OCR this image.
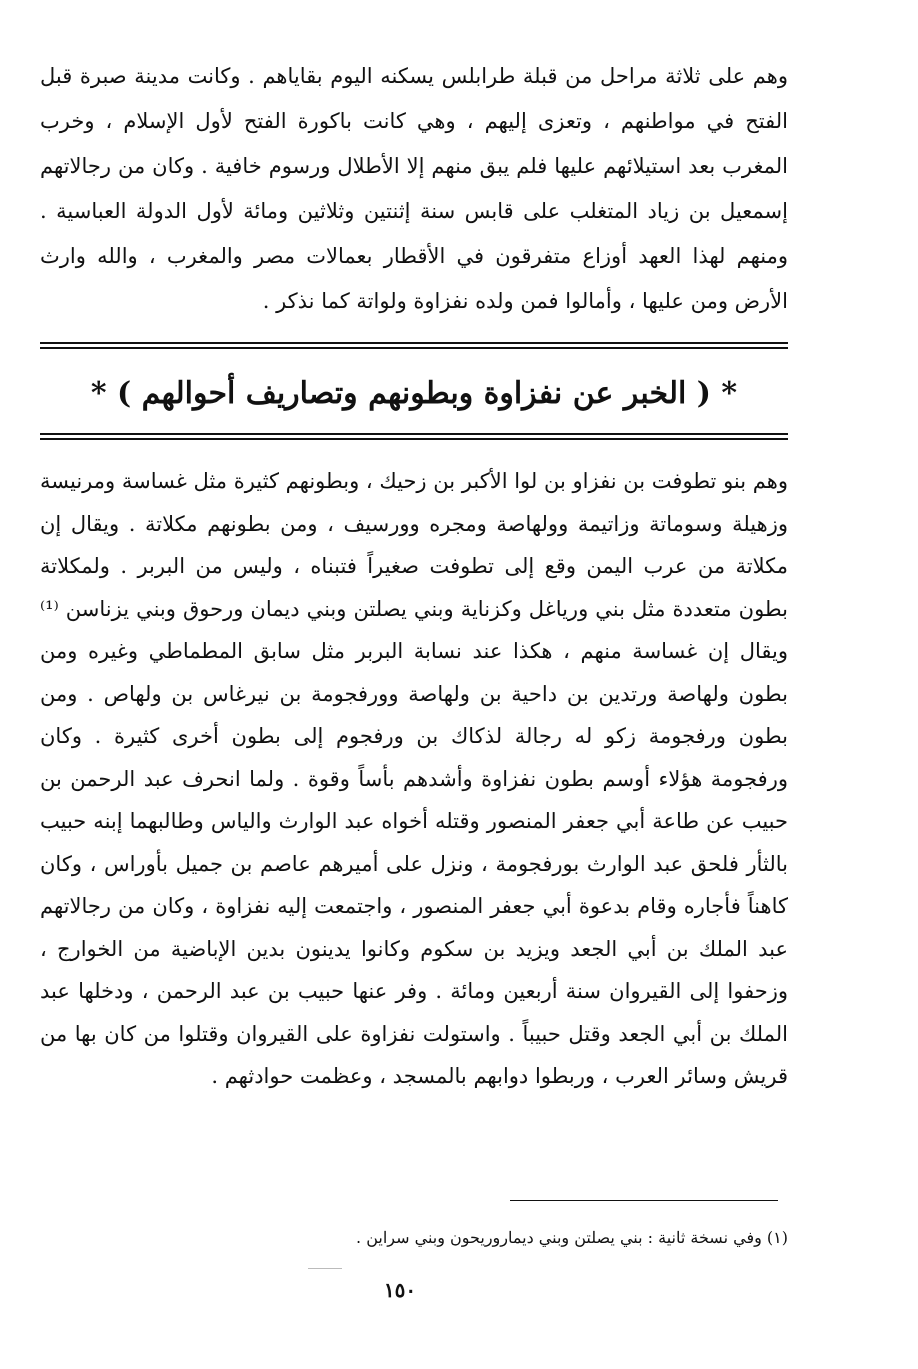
وهم على ثلاثة مراحل من قبلة طرابلس يسكنه اليوم بقاياهم . وكانت مدينة صبرة قبل الفتح في مواطنهم ، وتعزى إليهم ، وهي كانت باكورة الفتح لأول الإسلام ، وخرب المغرب بعد استيلائهم عليها فلم يبق منهم إلا الأطلال ورسوم خافية . وكان من رجالاتهم إسمعيل بن زياد المتغلب على قابس سنة إثنتين وثلاثين ومائة لأول الدولة العباسية . ومنهم لهذا العهد أوزاع متفرقون في الأقطار بعمالات مصر والمغرب ، والله وارث الأرض ومن عليها ، وأمالوا فمن ولده نفزاوة ولواتة كما نذكر .

* ( الخبر عن نفزاوة وبطونهم وتصاريف أحوالهم ) *

وهم بنو تطوفت بن نفزاو بن لوا الأكبر بن زحيك ، وبطونهم كثيرة مثل غساسة ومرنيسة وزهيلة وسوماتة وزاتيمة وولهاصة ومجره وورسيف ، ومن بطونهم مكلاتة . ويقال إن مكلاتة من عرب اليمن وقع إلى تطوفت صغيراً فتبناه ، وليس من البربر . ولمكلاتة بطون متعددة مثل بني ورياغل وكزناية وبني يصلتن وبني ديمان ورحوق وبني يزناسن ⁽¹⁾ ويقال إن غساسة منهم ، هكذا عند نسابة البربر مثل سابق المطماطي وغيره ومن بطون ولهاصة ورتدين بن داحية بن ولهاصة وورفجومة بن نيرغاس بن ولهاص . ومن بطون ورفجومة زكو له رجالة لذكاك بن ورفجوم إلى بطون أخرى كثيرة . وكان ورفجومة هؤلاء أوسم بطون نفزاوة وأشدهم بأساً وقوة . ولما انحرف عبد الرحمن بن حبيب عن طاعة أبي جعفر المنصور وقتله أخواه عبد الوارث والياس وطالبهما إبنه حبيب بالثأر فلحق عبد الوارث بورفجومة ، ونزل على أميرهم عاصم بن جميل بأوراس ، وكان كاهناً فأجاره وقام بدعوة أبي جعفر المنصور ، واجتمعت إليه نفزاوة ، وكان من رجالاتهم عبد الملك بن أبي الجعد ويزيد بن سكوم وكانوا يدينون بدين الإباضية من الخوارج ، وزحفوا إلى القيروان سنة أربعين ومائة . وفر عنها حبيب بن عبد الرحمن ، ودخلها عبد الملك بن أبي الجعد وقتل حبيباً . واستولت نفزاوة على القيروان وقتلوا من كان بها من قريش وسائر العرب ، وربطوا دوابهم بالمسجد ، وعظمت حوادثهم .

(١) وفي نسخة ثانية : بني يصلتن وبني ديماروريحون وبني سراين .

١٥٠
